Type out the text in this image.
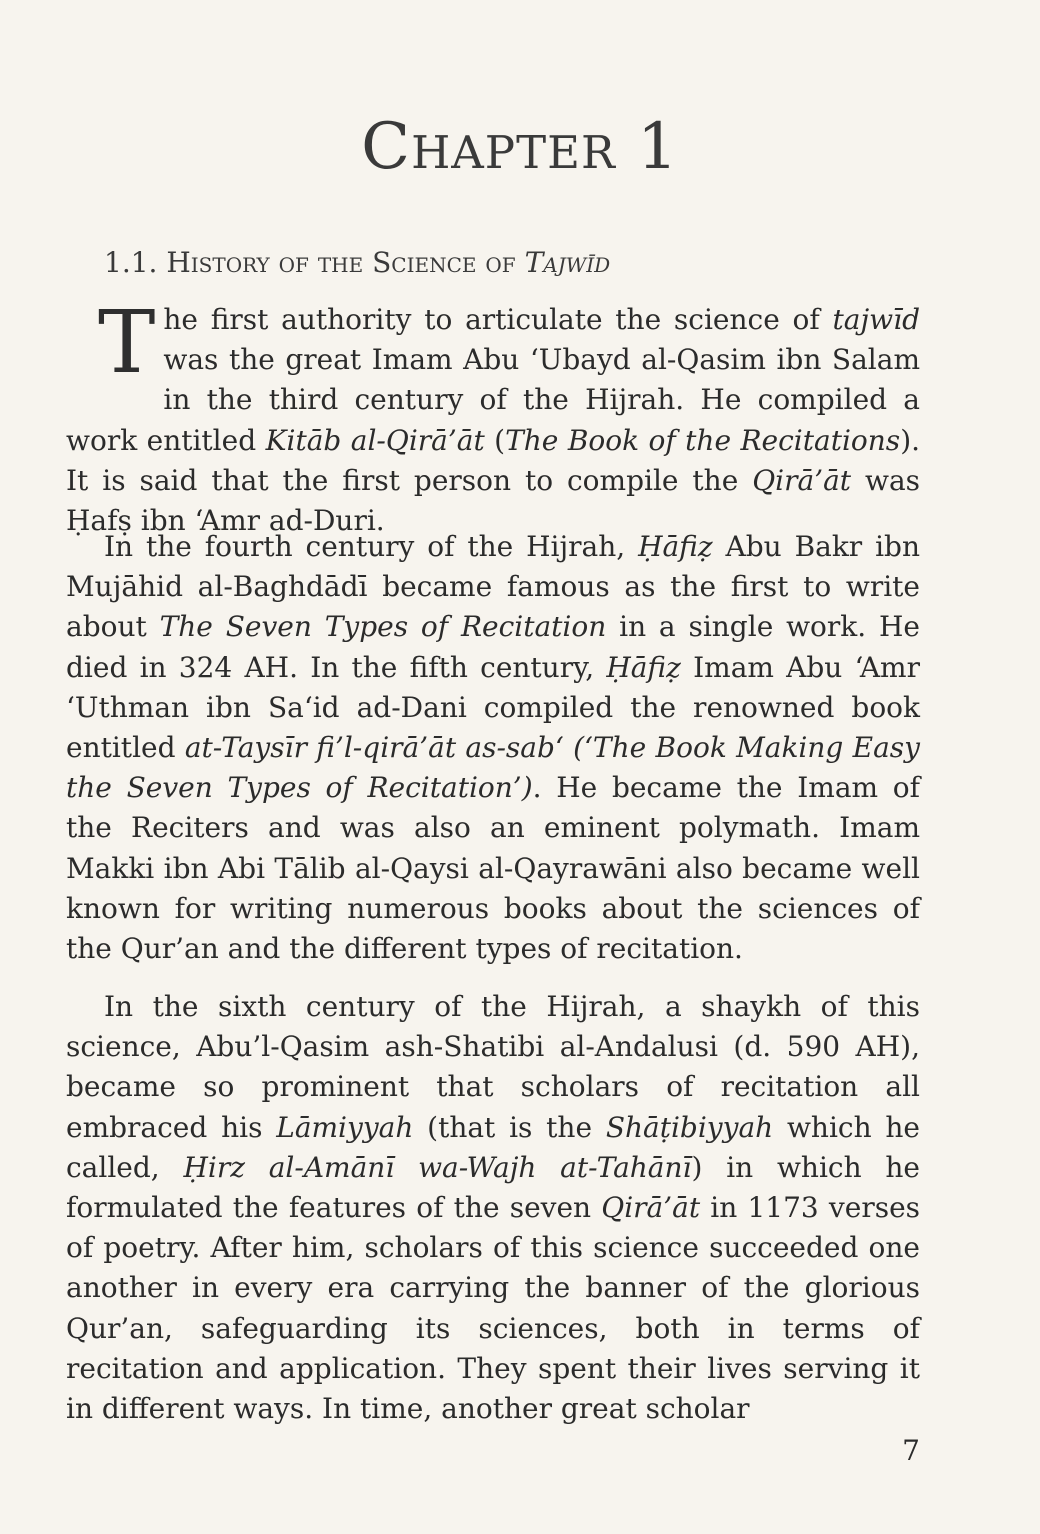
Chapter 1
1.1. History of the Science of Tajwīd

The first authority to articulate the science of tajwīd was the great Imam Abu ‘Ubayd al-Qasim ibn Salam in the third century of the Hijrah. He compiled a work entitled Kitāb al-Qirā’āt (The Book of the Recitations). It is said that the first person to compile the Qirā’āt was Ḥafṣ ibn ‘Amr ad-Duri.

In the fourth century of the Hijrah, Ḥāfiẓ Abu Bakr ibn Mujāhid al-Baghdādī became famous as the first to write about The Seven Types of Recitation in a single work. He died in 324 AH. In the fifth century, Ḥāfiẓ Imam Abu ‘Amr ‘Uthman ibn Sa‘id ad-Dani compiled the renowned book entitled at-Taysīr fi’l-qirā’āt as-sab‘ (‘The Book Making Easy the Seven Types of Recitation’). He became the Imam of the Reciters and was also an eminent polymath. Imam Makki ibn Abi Tālib al-Qaysi al-Qayrawāni also became well known for writing numerous books about the sciences of the Qur’an and the different types of recitation.

In the sixth century of the Hijrah, a shaykh of this science, Abu’l-Qasim ash-Shatibi al-Andalusi (d. 590 AH), became so prominent that scholars of recitation all embraced his Lāmiyyah (that is the Shāṭibiyyah which he called, Ḥirz al-Amānī wa-Wajh at-Tahānī) in which he formulated the features of the seven Qirā’āt in 1173 verses of poetry. After him, scholars of this science succeeded one another in every era carrying the banner of the glorious Qur’an, safeguarding its sciences, both in terms of recitation and application. They spent their lives serving it in different ways. In time, another great scholar

7
